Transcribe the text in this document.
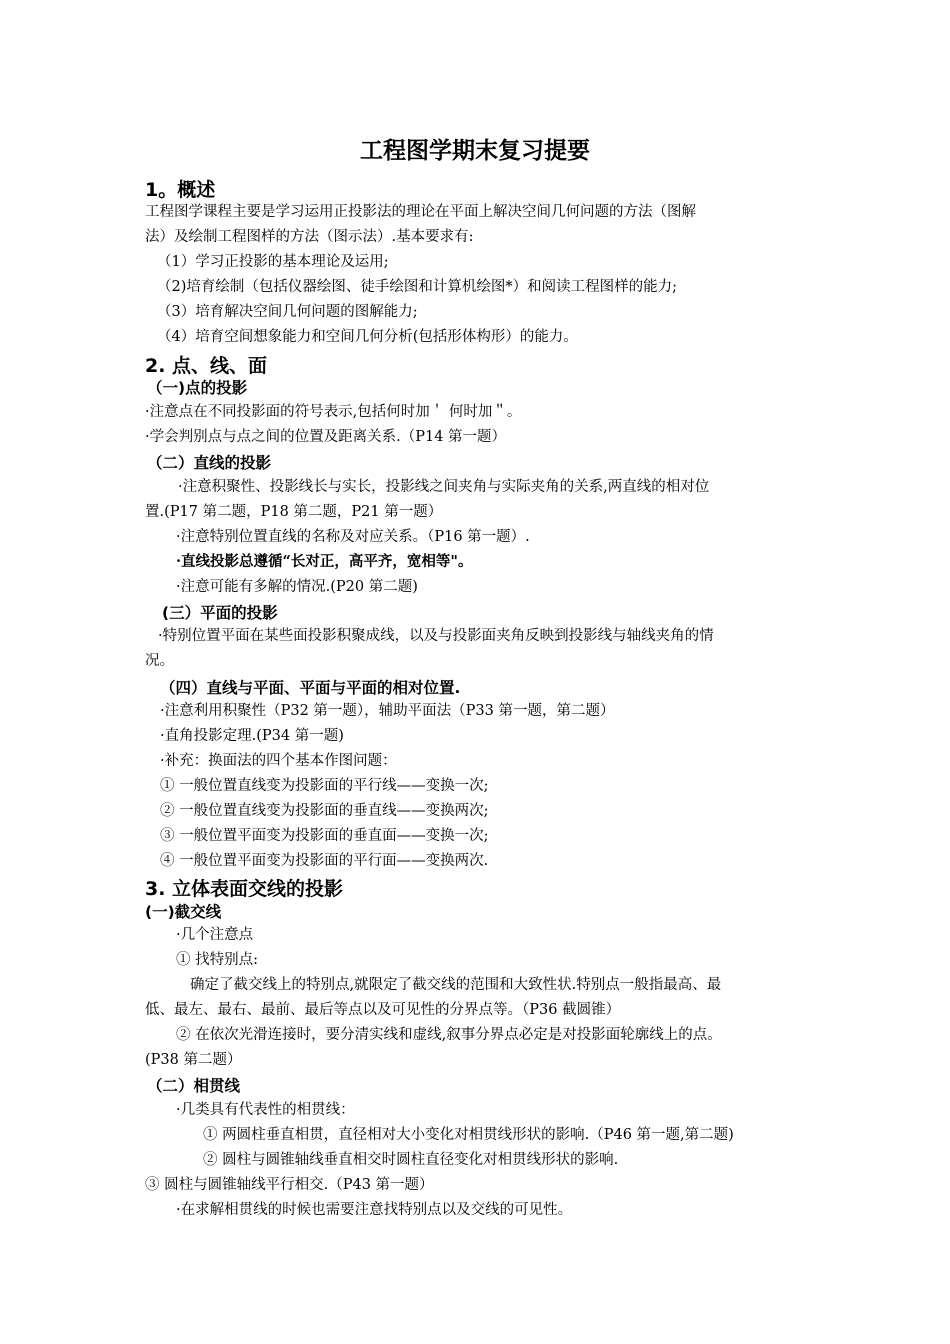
工程图学期末复习提要
1。概述
工程图学课程主要是学习运用正投影法的理论在平面上解决空间几何问题的方法（图解
法）及绘制工程图样的方法（图示法）.基本要求有:
（1）学习正投影的基本理论及运用;
（2)培育绘制（包括仪器绘图、徒手绘图和计算机绘图*）和阅读工程图样的能力;
（3）培育解决空间几何问题的图解能力;
（4）培育空间想象能力和空间几何分析(包括形体构形）的能力。
2. 点、线、面
（一)点的投影
·注意点在不同投影面的符号表示,包括何时加＇ 何时加＂。
·学会判别点与点之间的位置及距离关系.（P14 第一题）
（二）直线的投影
·注意积聚性、投影线长与实长，投影线之间夹角与实际夹角的关系,两直线的相对位
置.(P17 第二题，P18 第二题，P21 第一题）
·注意特别位置直线的名称及对应关系。（P16 第一题）.
·直线投影总遵循“长对正，高平齐，宽相等"。
·注意可能有多解的情况.(P20 第二题)
(三）平面的投影
·特别位置平面在某些面投影积聚成线，以及与投影面夹角反映到投影线与轴线夹角的情
况。
（四）直线与平面、平面与平面的相对位置.
·注意利用积聚性（P32 第一题），辅助平面法（P33 第一题，第二题）
·直角投影定理.(P34 第一题)
·补充：换面法的四个基本作图问题：
① 一般位置直线变为投影面的平行线——变换一次;
② 一般位置直线变为投影面的垂直线——变换两次;
③ 一般位置平面变为投影面的垂直面——变换一次;
④ 一般位置平面变为投影面的平行面——变换两次.
3. 立体表面交线的投影
(一)截交线
·几个注意点
① 找特别点:
确定了截交线上的特别点,就限定了截交线的范围和大致性状.特别点一般指最高、最
低、最左、最右、最前、最后等点以及可见性的分界点等。（P36 截圆锥）
② 在依次光滑连接时，要分清实线和虚线,叙事分界点必定是对投影面轮廓线上的点。
(P38 第二题）
（二）相贯线
·几类具有代表性的相贯线：
① 两圆柱垂直相贯，直径相对大小变化对相贯线形状的影响.（P46 第一题,第二题)
② 圆柱与圆锥轴线垂直相交时圆柱直径变化对相贯线形状的影响.
③ 圆柱与圆锥轴线平行相交.（P43 第一题）
·在求解相贯线的时候也需要注意找特别点以及交线的可见性。
